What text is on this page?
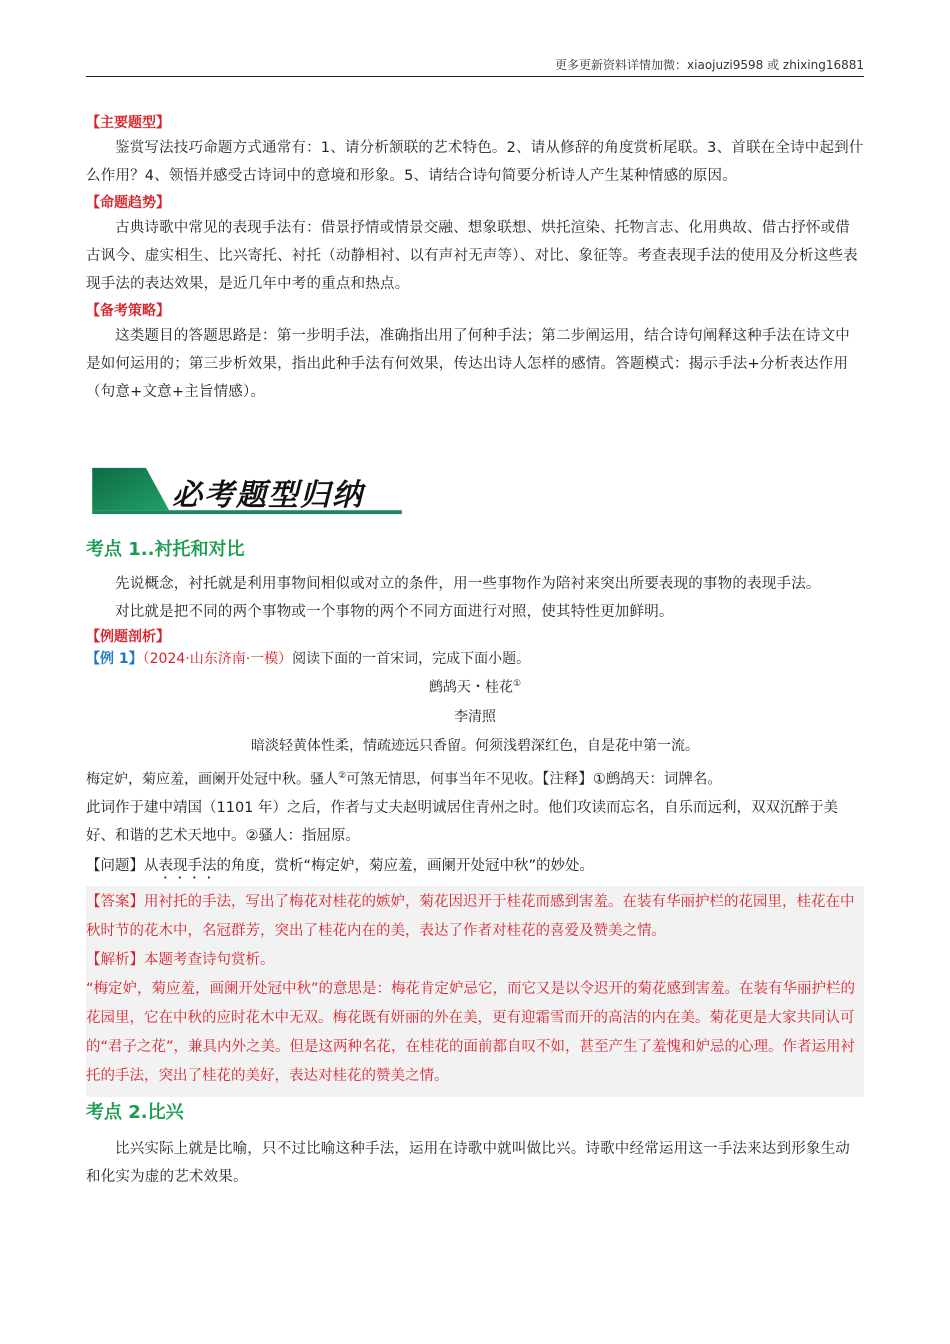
更多更新资料详情加微：xiaojuzi9598 或 zhixing16881
【主要题型】

鉴赏写法技巧命题方式通常有：1、请分析颔联的艺术特色。2、请从修辞的角度赏析尾联。3、首联在全诗中起到什么作用？4、领悟并感受古诗词中的意境和形象。5、请结合诗句简要分析诗人产生某种情感的原因。

【命题趋势】

古典诗歌中常见的表现手法有：借景抒情或情景交融、想象联想、烘托渲染、托物言志、化用典故、借古抒怀或借古讽今、虚实相生、比兴寄托、衬托（动静相衬、以有声衬无声等）、对比、象征等。考查表现手法的使用及分析这些表现手法的表达效果，是近几年中考的重点和热点。

【备考策略】

这类题目的答题思路是：第一步明手法，准确指出用了何种手法；第二步阐运用，结合诗句阐释这种手法在诗文中是如何运用的；第三步析效果，指出此种手法有何效果，传达出诗人怎样的感情。答题模式：揭示手法+分析表达作用（句意+文意+主旨情感）。

必考题型归纳
考点 1..衬托和对比

先说概念，衬托就是利用事物间相似或对立的条件，用一些事物作为陪衬来突出所要表现的事物的表现手法。

对比就是把不同的两个事物或一个事物的两个不同方面进行对照，使其特性更加鲜明。

【例题剖析】
【例 1】（2024·山东济南·一模）阅读下面的一首宋词，完成下面小题。
鹧鸪天・桂花①
李清照
暗淡轻黄体性柔，情疏迹远只香留。何须浅碧深红色，自是花中第一流。
梅定妒，菊应羞，画阑开处冠中秋。骚人②可煞无情思，何事当年不见收。【注释】①鹧鸪天：词牌名。
此词作于建中靖国（1101 年）之后，作者与丈夫赵明诚居住青州之时。他们攻读而忘名，自乐而远利，双双沉醉于美好、和谐的艺术天地中。②骚人：指屈原。
【问题】从表现手法的角度，赏析“梅定妒，菊应羞，画阑开处冠中秋”的妙处。
【答案】用衬托的手法，写出了梅花对桂花的嫉妒，菊花因迟开于桂花而感到害羞。在装有华丽护栏的花园里，桂花在中秋时节的花木中，名冠群芳，突出了桂花内在的美，表达了作者对桂花的喜爱及赞美之情。
【解析】本题考查诗句赏析。
“梅定妒，菊应羞，画阑开处冠中秋”的意思是：梅花肯定妒忌它，而它又是以令迟开的菊花感到害羞。在装有华丽护栏的花园里，它在中秋的应时花木中无双。梅花既有妍丽的外在美，更有迎霜雪而开的高洁的内在美。菊花更是大家共同认可的“君子之花”，兼具内外之美。但是这两种名花，在桂花的面前都自叹不如，甚至产生了羞愧和妒忌的心理。作者运用衬托的手法，突出了桂花的美好，表达对桂花的赞美之情。
考点 2.比兴

比兴实际上就是比喻，只不过比喻这种手法，运用在诗歌中就叫做比兴。诗歌中经常运用这一手法来达到形象生动和化实为虚的艺术效果。
